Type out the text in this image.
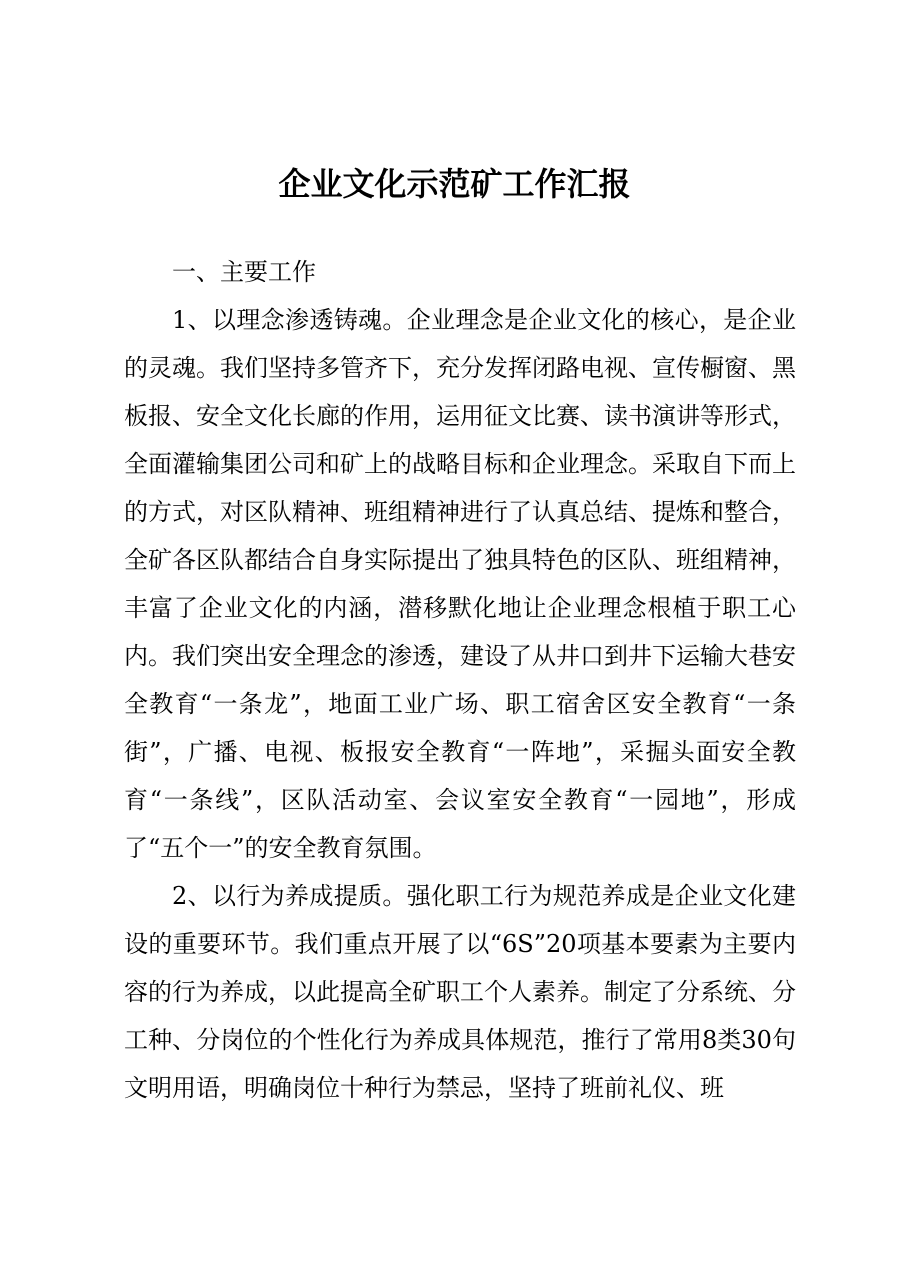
企业文化示范矿工作汇报

一、主要工作

1、以理念渗透铸魂。企业理念是企业文化的核心，是企业的灵魂。我们坚持多管齐下，充分发挥闭路电视、宣传橱窗、黑板报、安全文化长廊的作用，运用征文比赛、读书演讲等形式，全面灌输集团公司和矿上的战略目标和企业理念。采取自下而上的方式，对区队精神、班组精神进行了认真总结、提炼和整合，全矿各区队都结合自身实际提出了独具特色的区队、班组精神，丰富了企业文化的内涵，潜移默化地让企业理念根植于职工心内。我们突出安全理念的渗透，建设了从井口到井下运输大巷安全教育“一条龙”，地面工业广场、职工宿舍区安全教育“一条街”，广播、电视、板报安全教育“一阵地”，采掘头面安全教育“一条线”，区队活动室、会议室安全教育“一园地”，形成了“五个一”的安全教育氛围。

2、以行为养成提质。强化职工行为规范养成是企业文化建设的重要环节。我们重点开展了以“6S”20项基本要素为主要内容的行为养成，以此提高全矿职工个人素养。制定了分系统、分工种、分岗位的个性化行为养成具体规范，推行了常用8类30句文明用语，明确岗位十种行为禁忌，坚持了班前礼仪、班
